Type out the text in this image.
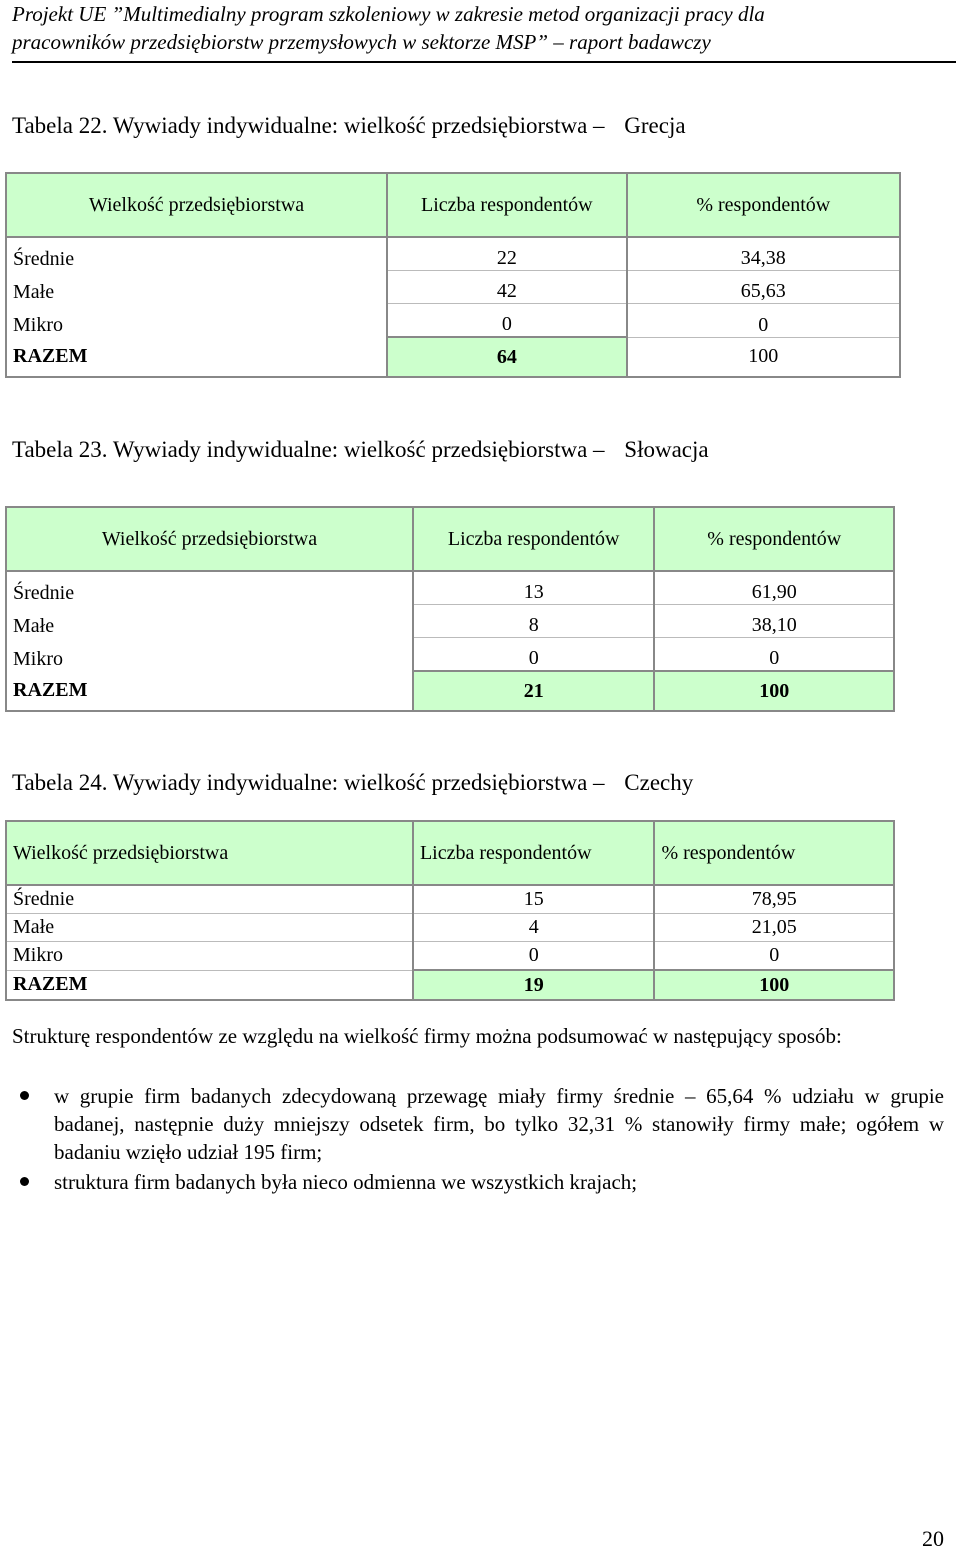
Projekt UE ”Multimedialny program szkoleniowy w zakresie metod organizacji pracy dla
pracowników przedsiębiorstw przemysłowych w sektorze MSP” – raport badawczy
Tabela 22. Wywiady indywidualne: wielkość przedsiębiorstwa – Grecja
Wielkość przedsiębiorstwa	Liczba respondentów	% respondentów
Średnie	22	34,38
Małe	42	65,63
Mikro	0	0
RAZEM	64	100
Tabela 23. Wywiady indywidualne: wielkość przedsiębiorstwa – Słowacja
Wielkość przedsiębiorstwa	Liczba respondentów	% respondentów
Średnie	13	61,90
Małe	8	38,10
Mikro	0	0
RAZEM	21	100
Tabela 24. Wywiady indywidualne: wielkość przedsiębiorstwa – Czechy
Wielkość przedsiębiorstwa	Liczba respondentów	% respondentów
Średnie	15	78,95
Małe	4	21,05
Mikro	0	0
RAZEM	19	100
Strukturę respondentów ze względu na wielkość firmy można podsumować w następujący sposób:
w grupie firm badanych zdecydowaną przewagę miały firmy średnie – 65,64 % udziału w grupie badanej, następnie duży mniejszy odsetek firm, bo tylko 32,31 % stanowiły firmy małe; ogółem w badaniu wzięło udział 195 firm;
struktura firm badanych była nieco odmienna we wszystkich krajach;
20
